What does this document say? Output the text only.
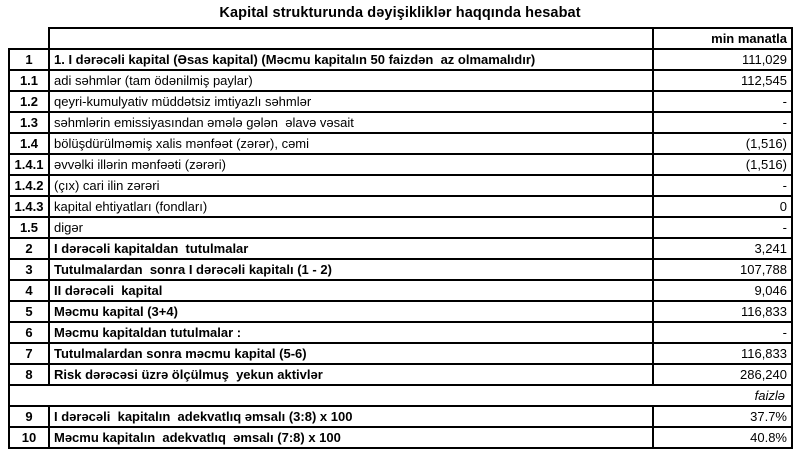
Kapital strukturunda dəyişikliklər haqqında hesabat
		min manatla
1	1. I dərəcəli kapital (Əsas kapital) (Məcmu kapitalın 50 faizdən  az olmamalıdır)	111,029
1.1	adi səhmlər (tam ödənilmiş paylar)	112,545
1.2	qeyri-kumulyativ müddətsiz imtiyazlı səhmlər	-
1.3	səhmlərin emissiyasından əmələ gələn  əlavə vəsait	-
1.4	bölüşdürülməmiş xalis mənfəət (zərər), cəmi	(1,516)
1.4.1	əvvəlki illərin mənfəəti (zərəri)	(1,516)
1.4.2	(çıx) cari ilin zərəri	-
1.4.3	kapital ehtiyatları (fondları)	0
1.5	digər	-
2	I dərəcəli kapitaldan  tutulmalar	3,241
3	Tutulmalardan  sonra I dərəcəli kapitalı (1 - 2)	107,788
4	II dərəcəli  kapital	9,046
5	Məcmu kapital (3+4)	116,833
6	Məcmu kapitaldan tutulmalar :	-
7	Tutulmalardan sonra məcmu kapital (5-6)	116,833
8	Risk dərəcəsi üzrə ölçülmuş  yekun aktivlər	286,240
faizlə		
9	I dərəcəli  kapitalın  adekvatlıq əmsalı (3:8) x 100	37.7%
10	Məcmu kapitalın  adekvatlıq  əmsalı (7:8) x 100	40.8%
